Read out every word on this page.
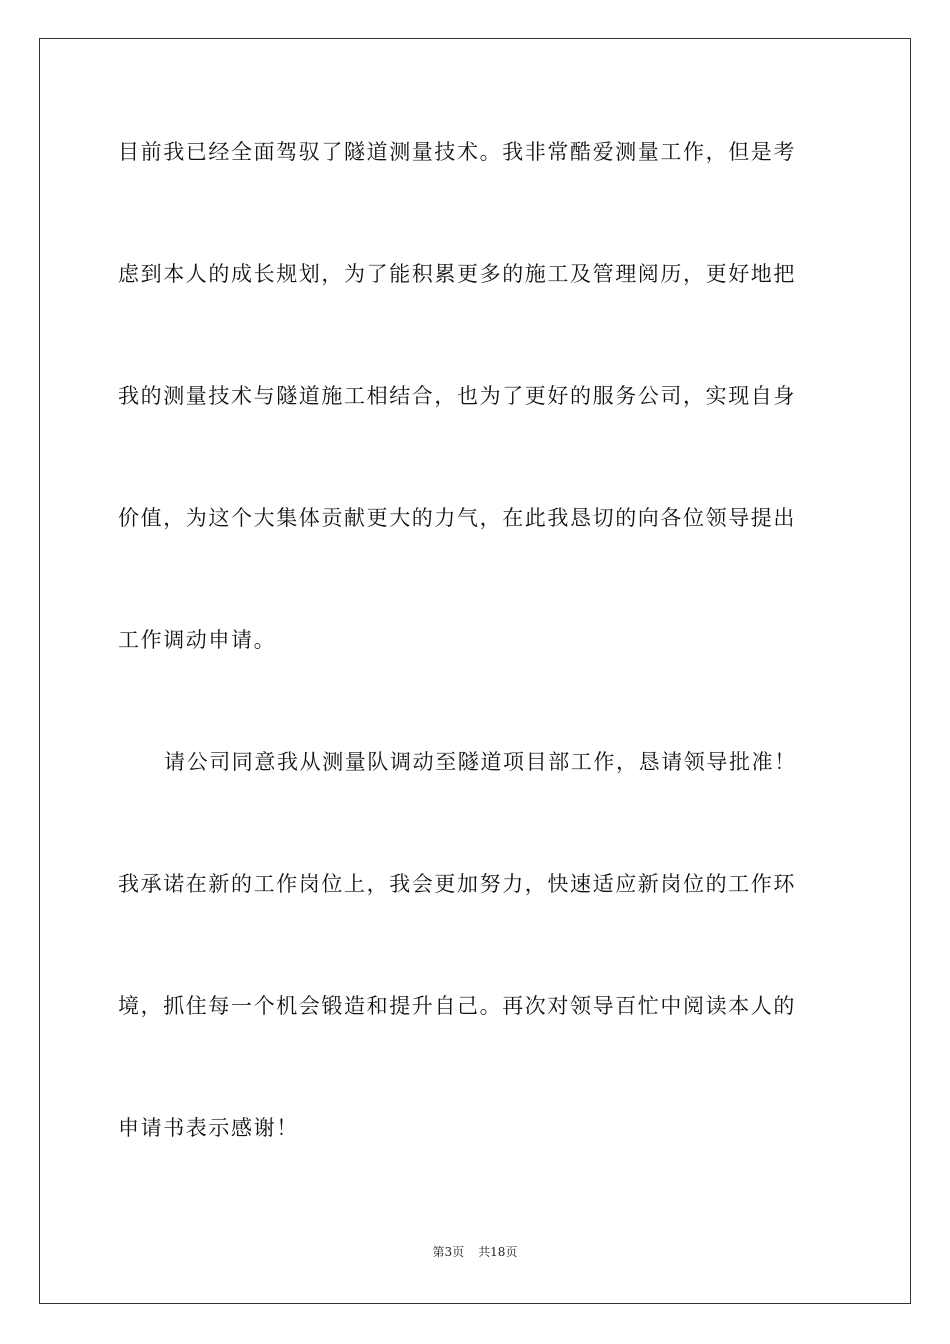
目前我已经全面驾驭了隧道测量技术。我非常酷爱测量工作，但是考
虑到本人的成长规划，为了能积累更多的施工及管理阅历，更好地把
我的测量技术与隧道施工相结合，也为了更好的服务公司，实现自身
价值，为这个大集体贡献更大的力气，在此我恳切的向各位领导提出
工作调动申请。
请公司同意我从测量队调动至隧道项目部工作，恳请领导批准！
我承诺在新的工作岗位上，我会更加努力，快速适应新岗位的工作环
境，抓住每一个机会锻造和提升自己。再次对领导百忙中阅读本人的
申请书表示感谢！
第3页 共18页
